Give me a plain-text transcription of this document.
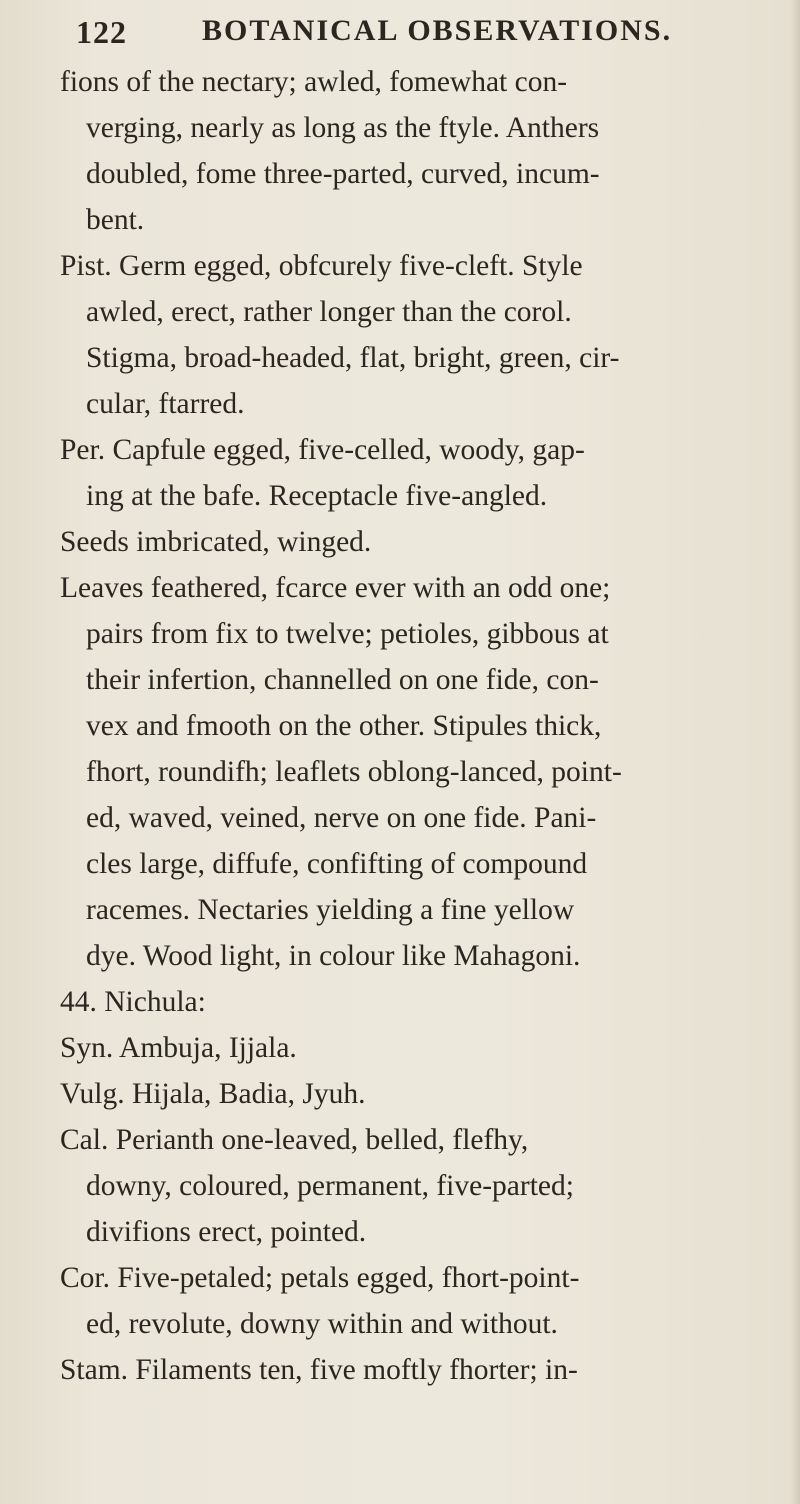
122	BOTANICAL OBSERVATIONS.
fions of the nectary; awled, fomewhat con-
verging, nearly as long as the ftyle. Anthers
doubled, fome three-parted, curved, incum-
bent.
Pist. Germ egged, obfcurely five-cleft. Style
awled, erect, rather longer than the corol.
Stigma, broad-headed, flat, bright, green, cir-
cular, ftarred.
Per. Capfule egged, five-celled, woody, gap-
ing at the bafe. Receptacle five-angled.
Seeds imbricated, winged.
Leaves feathered, fcarce ever with an odd one;
pairs from fix to twelve; petioles, gibbous at
their infertion, channelled on one fide, con-
vex and fmooth on the other. Stipules thick,
fhort, roundifh; leaflets oblong-lanced, point-
ed, waved, veined, nerve on one fide. Pani-
cles large, diffufe, confifting of compound
racemes. Nectaries yielding a fine yellow
dye. Wood light, in colour like Mahagoni.
44. Nichula:
Syn. Ambuja, Ijjala.
Vulg. Hijala, Badia, Jyuh.
Cal. Perianth one-leaved, belled, flefhy,
downy, coloured, permanent, five-parted;
divifions erect, pointed.
Cor. Five-petaled; petals egged, fhort-point-
ed, revolute, downy within and without.
Stam. Filaments ten, five moftly fhorter; in-
